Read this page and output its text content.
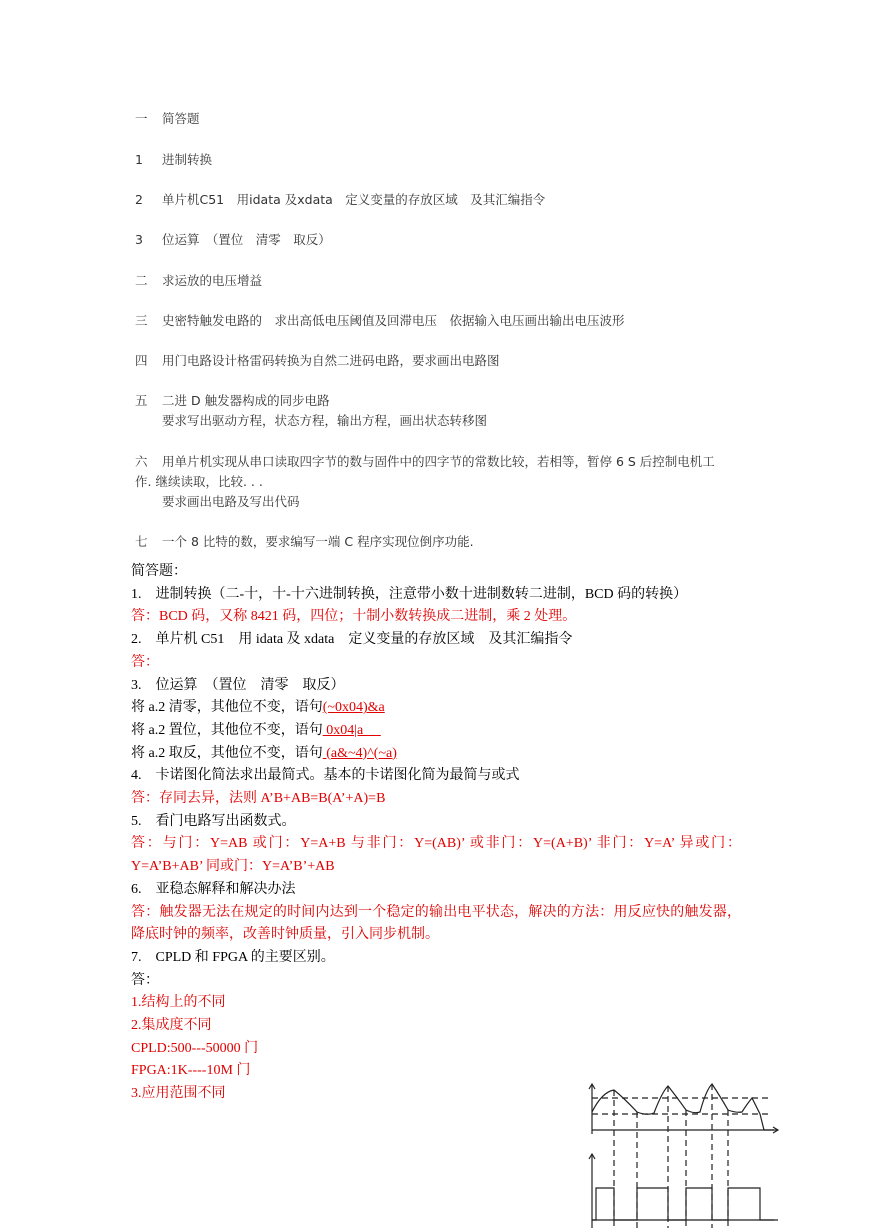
一 简答题
1 进制转换
2 单片机C51　用idata 及xdata　定义变量的存放区域　及其汇编指令
3 位运算　（置位　清零　取反）
二 求运放的电压增益
三 史密特触发电路的　求出高低电压阈值及回滞电压　依据输入电压画出输出电压波形
四 用门电路设计格雷码转换为自然二进码电路，要求画出电路图
五 二进 D 触发器构成的同步电路
要求写出驱动方程，状态方程，输出方程，画出状态转移图
六 用单片机实现从串口读取四字节的数与固件中的四字节的常数比较，若相等，暂停 6 S 后控制电机工
作. 继续读取，比较. . .
要求画出电路及写出代码
七 一个 8 比特的数，要求编写一端 C 程序实现位倒序功能.
简答题：
1.　进制转换（二-十，十-十六进制转换，注意带小数十进制数转二进制，BCD 码的转换）
答：BCD 码，又称 8421 码，四位；十制小数转换成二进制，乘 2 处理。
2.　单片机 C51　用 idata 及 xdata　定义变量的存放区域　及其汇编指令
答：
3.　位运算　（置位　清零　取反）
将 a.2 清零，其他位不变，语句(~0x04)&a
将 a.2 置位，其他位不变，语句 0x04|a
将 a.2 取反，其他位不变，语句 (a&~4)^(~a)
4.　卡诺图化简法求出最简式。基本的卡诺图化简为最简与或式
答：存同去异，法则 A’B+AB=B(A’+A)=B
5.　看门电路写出函数式。
答：与门：Y=AB 或门：Y=A+B 与非门：Y=(AB)’ 或非门：Y=(A+B)’ 非门：Y=A’ 异或门：Y=A’B+AB’ 同或门：Y=A’B’+AB
6.　亚稳态解释和解决办法
答：触发器无法在规定的时间内达到一个稳定的输出电平状态，解决的方法：用反应快的触发器，降底时钟的频率，改善时钟质量，引入同步机制。
7.　CPLD 和 FPGA 的主要区别。
答：
1.结构上的不同
2.集成度不同
CPLD:500---50000 门
FPGA:1K----10M 门
3.应用范围不同
